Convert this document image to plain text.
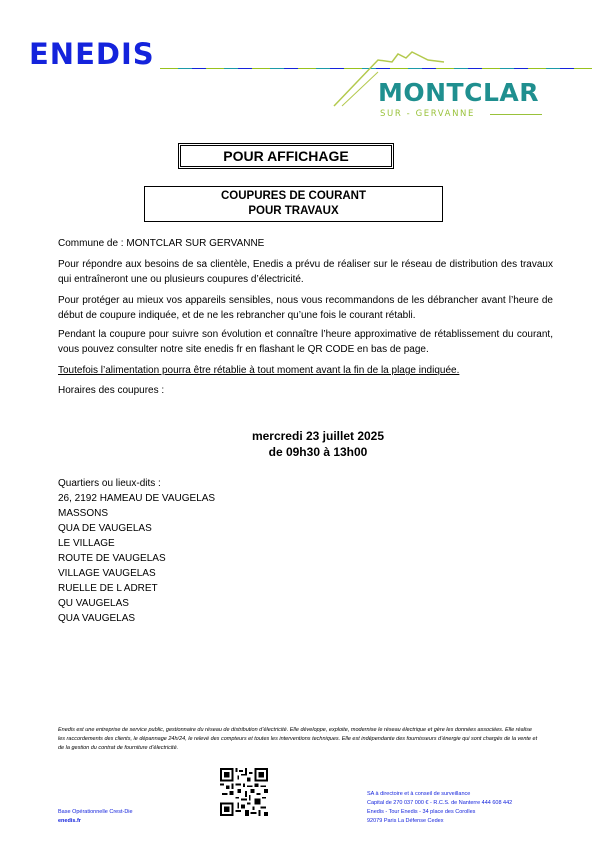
ENEDIS
MONTCLAR
SUR - GERVANNE
POUR AFFICHAGE
COUPURES DE COURANT
POUR TRAVAUX

Commune de : MONTCLAR SUR GERVANNE

Pour répondre aux besoins de sa clientèle, Enedis a prévu de réaliser sur le réseau de distribution des travaux qui entraîneront une ou plusieurs coupures d’électricité.

Pour protéger au mieux vos appareils sensibles, nous vous recommandons de les débrancher avant l’heure de début de coupure indiquée, et de ne les rebrancher qu’une fois le courant rétabli.

Pendant la coupure pour suivre son évolution et connaître l’heure approximative de rétablissement du courant, vous pouvez consulter notre site enedis fr en flashant le QR CODE en bas de page.

Toutefois l’alimentation pourra être rétablie à tout moment avant la fin de la plage indiquée.

Horaires des coupures :

mercredi 23 juillet 2025
de 09h30 à 13h00
Quartiers ou lieux-dits :
26, 2192 HAMEAU DE VAUGELAS
MASSONS
QUA DE VAUGELAS
LE VILLAGE
ROUTE DE VAUGELAS
VILLAGE VAUGELAS
RUELLE DE L ADRET
QU VAUGELAS
QUA VAUGELAS
Enedis est une entreprise de service public, gestionnaire du réseau de distribution d’électricité. Elle développe, exploite, modernise le réseau électrique et gère les données associées. Elle réalise les raccordements des clients, le dépannage 24h/24, le relevé des compteurs et toutes les interventions techniques. Elle est indépendante des fournisseurs d’énergie qui sont chargés de la vente et de la gestion du contrat de fourniture d’électricité.
Base Opérationnelle Crest-Die
enedis.fr
SA à directoire et à conseil de surveillance
Capital de 270 037 000 € - R.C.S. de Nanterre 444 608 442
Enedis - Tour Enedis - 34 place des Corolles
92079 Paris La Défense Cedex
